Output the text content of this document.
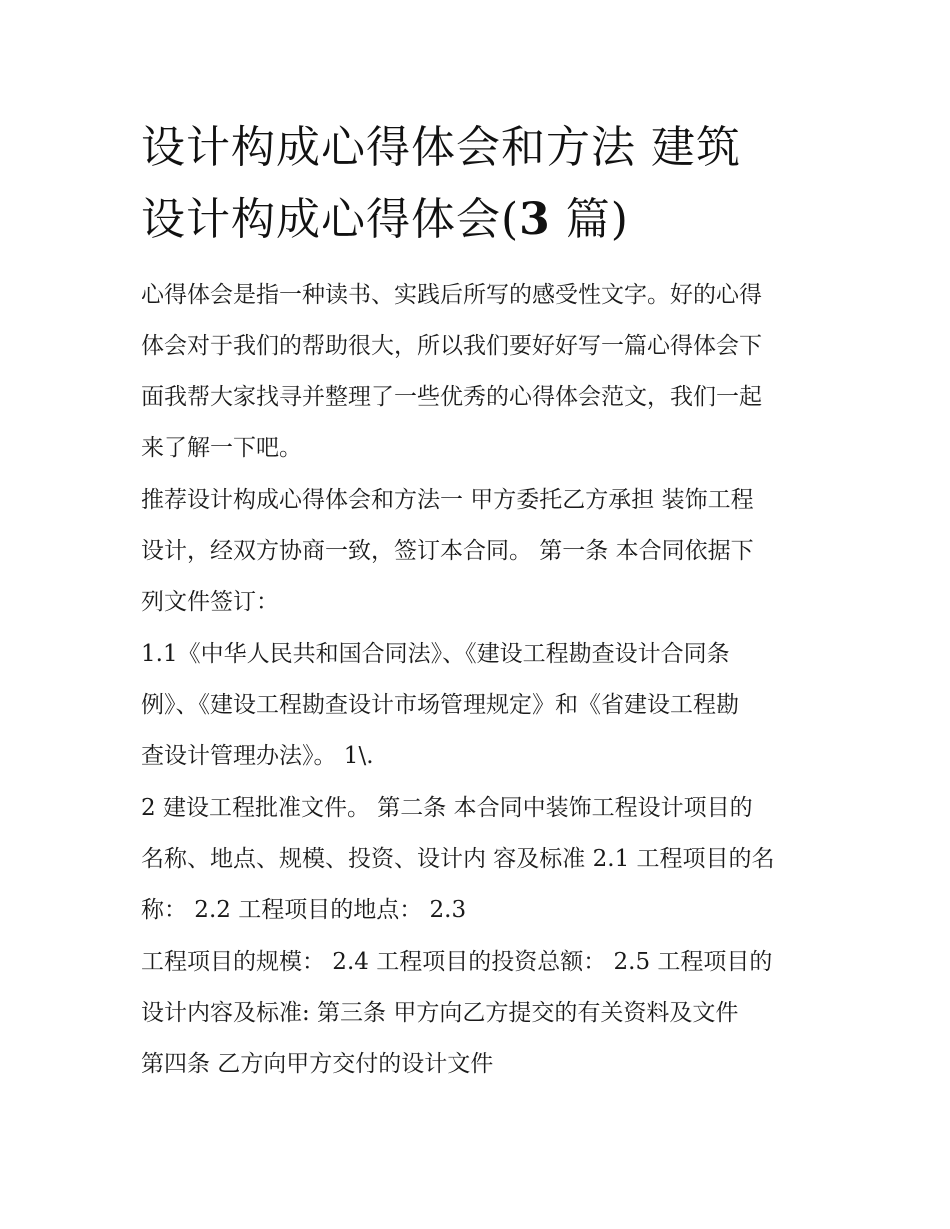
设计构成心得体会和方法 建筑
设计构成心得体会(3 篇)

心得体会是指一种读书、实践后所写的感受性文字。好的心得
体会对于我们的帮助很大，所以我们要好好写一篇心得体会下
面我帮大家找寻并整理了一些优秀的心得体会范文，我们一起
来了解一下吧。

推荐设计构成心得体会和方法一 甲方委托乙方承担 装饰工程
设计，经双方协商一致，签订本合同。 第一条 本合同依据下
列文件签订：

1.1《中华人民共和国合同法》、《建设工程勘查设计合同条
例》、《建设工程勘查设计市场管理规定》和《省建设工程勘
查设计管理办法》。 1\.

2 建设工程批准文件。 第二条 本合同中装饰工程设计项目的
名称、地点、规模、投资、设计内 容及标准 2.1 工程项目的名
称： 2.2 工程项目的地点： 2.3

工程项目的规模： 2.4 工程项目的投资总额： 2.5 工程项目的
设计内容及标准: 第三条 甲方向乙方提交的有关资料及文件
第四条 乙方向甲方交付的设计文件
